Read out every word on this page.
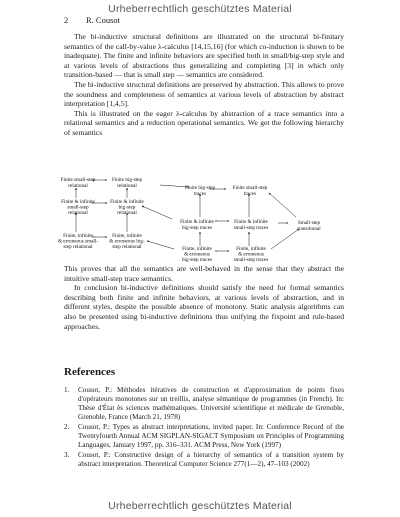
Urheberrechtlich geschütztes Material
2 R. Cousot

The bi-inductive structural definitions are illustrated on the structural bi-finitary semantics of the call-by-value λ-calculus [14,15,16] (for which co-induction is shown to be inadequate). The finite and infinite behaviors are specified both in small/big-step style and at various levels of abstractions thus generalizing and completing [3] in which only transition-based — that is small step — semantics are considered.

The bi-inductive structural definitions are preserved by abstraction. This allows to prove the soundness and completeness of semantics at various levels of abstraction by abstract interpretation [1,4,5].

This is illustrated on the eager λ-calculus by abstraction of a trace semantics into a relational semantics and a reduction operational semantics. We get the following hierarchy of semantics

Finite small-step relational
Finite big-step relational	Finite big-step traces
Finite small-step traces
Finite & infinite small-step relational
Finite & infinite big-step relational
Finite & infinite big-step traces
Finite & infinite small-step traces
Small-step transitional
Finite, infinite & erroneous small-step relational
Finite, infinite & erroneous big-step relational	Finite, infinite & erroneous big-step traces
Finite, infinite & erroneous small-step traces

This proves that all the semantics are well-behaved in the sense that they abstract the intuitive small-step trace semantics.

In conclusion bi-inductive definitions should satisfy the need for formal semantics describing both finite and infinite behaviors, at various levels of abstraction, and in different styles, despite the possible absence of monotony. Static analysis algorithms can also be presented using bi-inductive definitions thus unifying the fixpoint and rule-based approaches.

References
1. Cousot, P.: Méthodes itératives de construction et d'approximation de points fixes d'opérateurs monotones sur un treillis, analyse sémantique de programmes (in French). In: Thèse d'État ès sciences mathématiques. Université scientifique et médicale de Grenoble, Grenoble, France (March 21, 1978)
2. Cousot, P.: Types as abstract interpretations, invited paper. In: Conference Record of the Twentyfourth Annual ACM SIGPLAN-SIGACT Symposium on Principles of Programming Languages, January 1997, pp. 316–331. ACM Press, New York (1997)
3. Cousot, P.: Constructive design of a hierarchy of semantics of a transition system by abstract interpretation. Theoretical Computer Science 277(1—2), 47–103 (2002)
Urheberrechtlich geschütztes Material
